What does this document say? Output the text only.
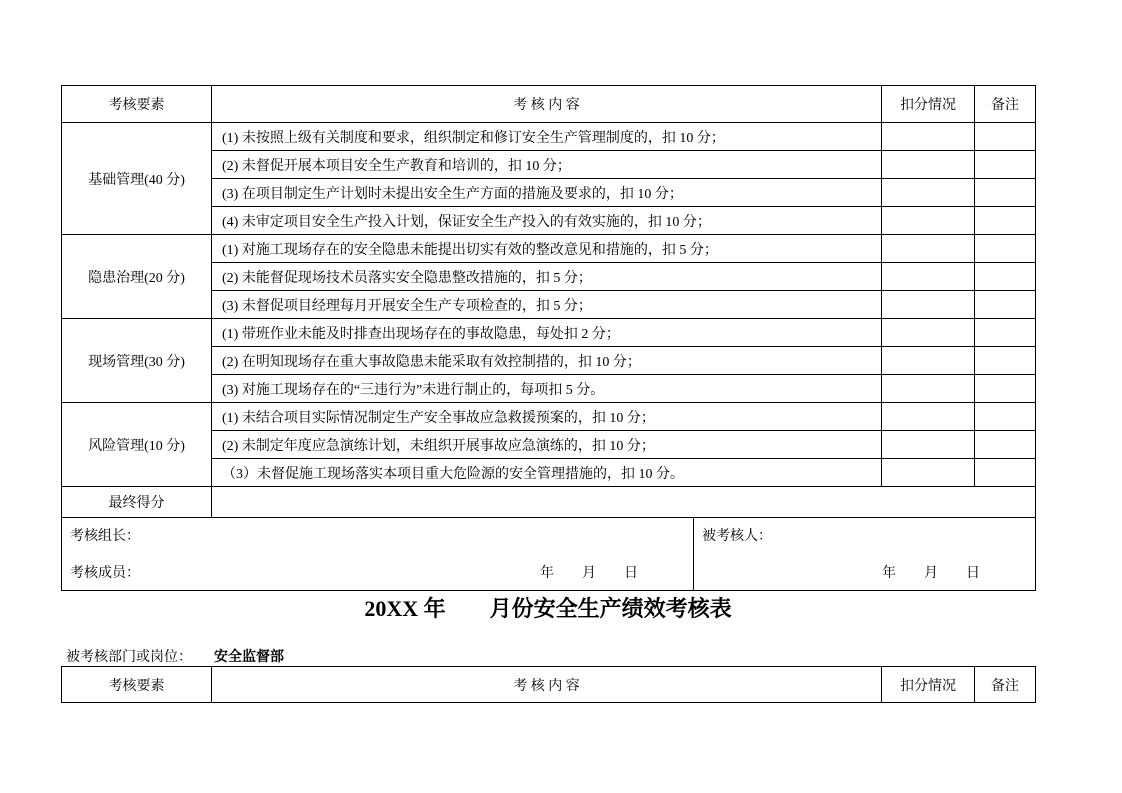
考核要素	考 核 内 容	扣分情况	备注
基础管理(40 分)	(1) 未按照上级有关制度和要求，组织制定和修订安全生产管理制度的，扣 10 分；		
	(2) 未督促开展本项目安全生产教育和培训的，扣 10 分；		
	(3) 在项目制定生产计划时未提出安全生产方面的措施及要求的，扣 10 分；		
	(4) 未审定项目安全生产投入计划，保证安全生产投入的有效实施的，扣 10 分；		
隐患治理(20 分)	(1) 对施工现场存在的安全隐患未能提出切实有效的整改意见和措施的，扣 5 分；		
	(2) 未能督促现场技术员落实安全隐患整改措施的，扣 5 分；		
	(3) 未督促项目经理每月开展安全生产专项检查的，扣 5 分；		
现场管理(30 分)	(1) 带班作业未能及时排查出现场存在的事故隐患，每处扣 2 分；		
	(2) 在明知现场存在重大事故隐患未能采取有效控制措的，扣 10 分；		
	(3) 对施工现场存在的“三违行为”未进行制止的，每项扣 5 分。		
风险管理(10 分)	(1) 未结合项目实际情况制定生产安全事故应急救援预案的，扣 10 分；		
	(2) 未制定年度应急演练计划，未组织开展事故应急演练的，扣 10 分；		
	（3）未督促施工现场落实本项目重大危险源的安全管理措施的，扣 10 分。		
最终得分			

考核组长：
考核成员： 年　　月　　日
被考核人：
年　　月　　日			
20XX 年　　月份安全生产绩效考核表
被考核部门或岗位： 安全监督部
考核要素	考 核 内 容	扣分情况	备注
